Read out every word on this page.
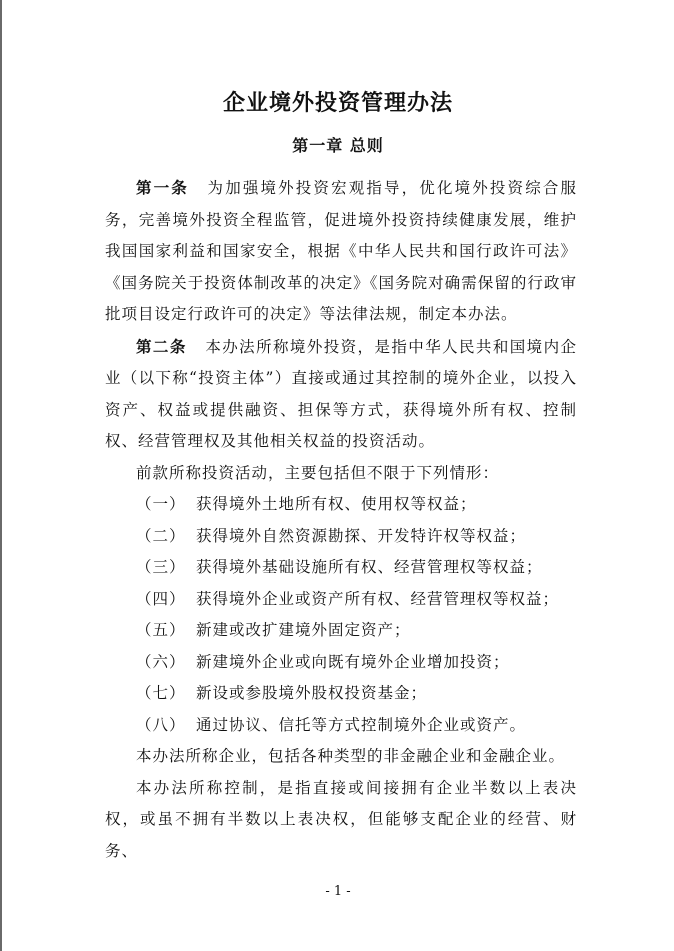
企业境外投资管理办法
第一章 总则

第一条 为加强境外投资宏观指导，优化境外投资综合服务，完善境外投资全程监管，促进境外投资持续健康发展，维护我国国家利益和国家安全，根据《中华人民共和国行政许可法》《国务院关于投资体制改革的决定》《国务院对确需保留的行政审批项目设定行政许可的决定》等法律法规，制定本办法。

第二条 本办法所称境外投资，是指中华人民共和国境内企业（以下称“投资主体”）直接或通过其控制的境外企业，以投入资产、权益或提供融资、担保等方式，获得境外所有权、控制权、经营管理权及其他相关权益的投资活动。

前款所称投资活动，主要包括但不限于下列情形：

（一） 获得境外土地所有权、使用权等权益；

（二） 获得境外自然资源勘探、开发特许权等权益；

（三） 获得境外基础设施所有权、经营管理权等权益；

（四） 获得境外企业或资产所有权、经营管理权等权益；

（五） 新建或改扩建境外固定资产；

（六） 新建境外企业或向既有境外企业增加投资；

（七） 新设或参股境外股权投资基金；

（八） 通过协议、信托等方式控制境外企业或资产。

本办法所称企业，包括各种类型的非金融企业和金融企业。

本办法所称控制，是指直接或间接拥有企业半数以上表决权，或虽不拥有半数以上表决权，但能够支配企业的经营、财务、

- 1 -
